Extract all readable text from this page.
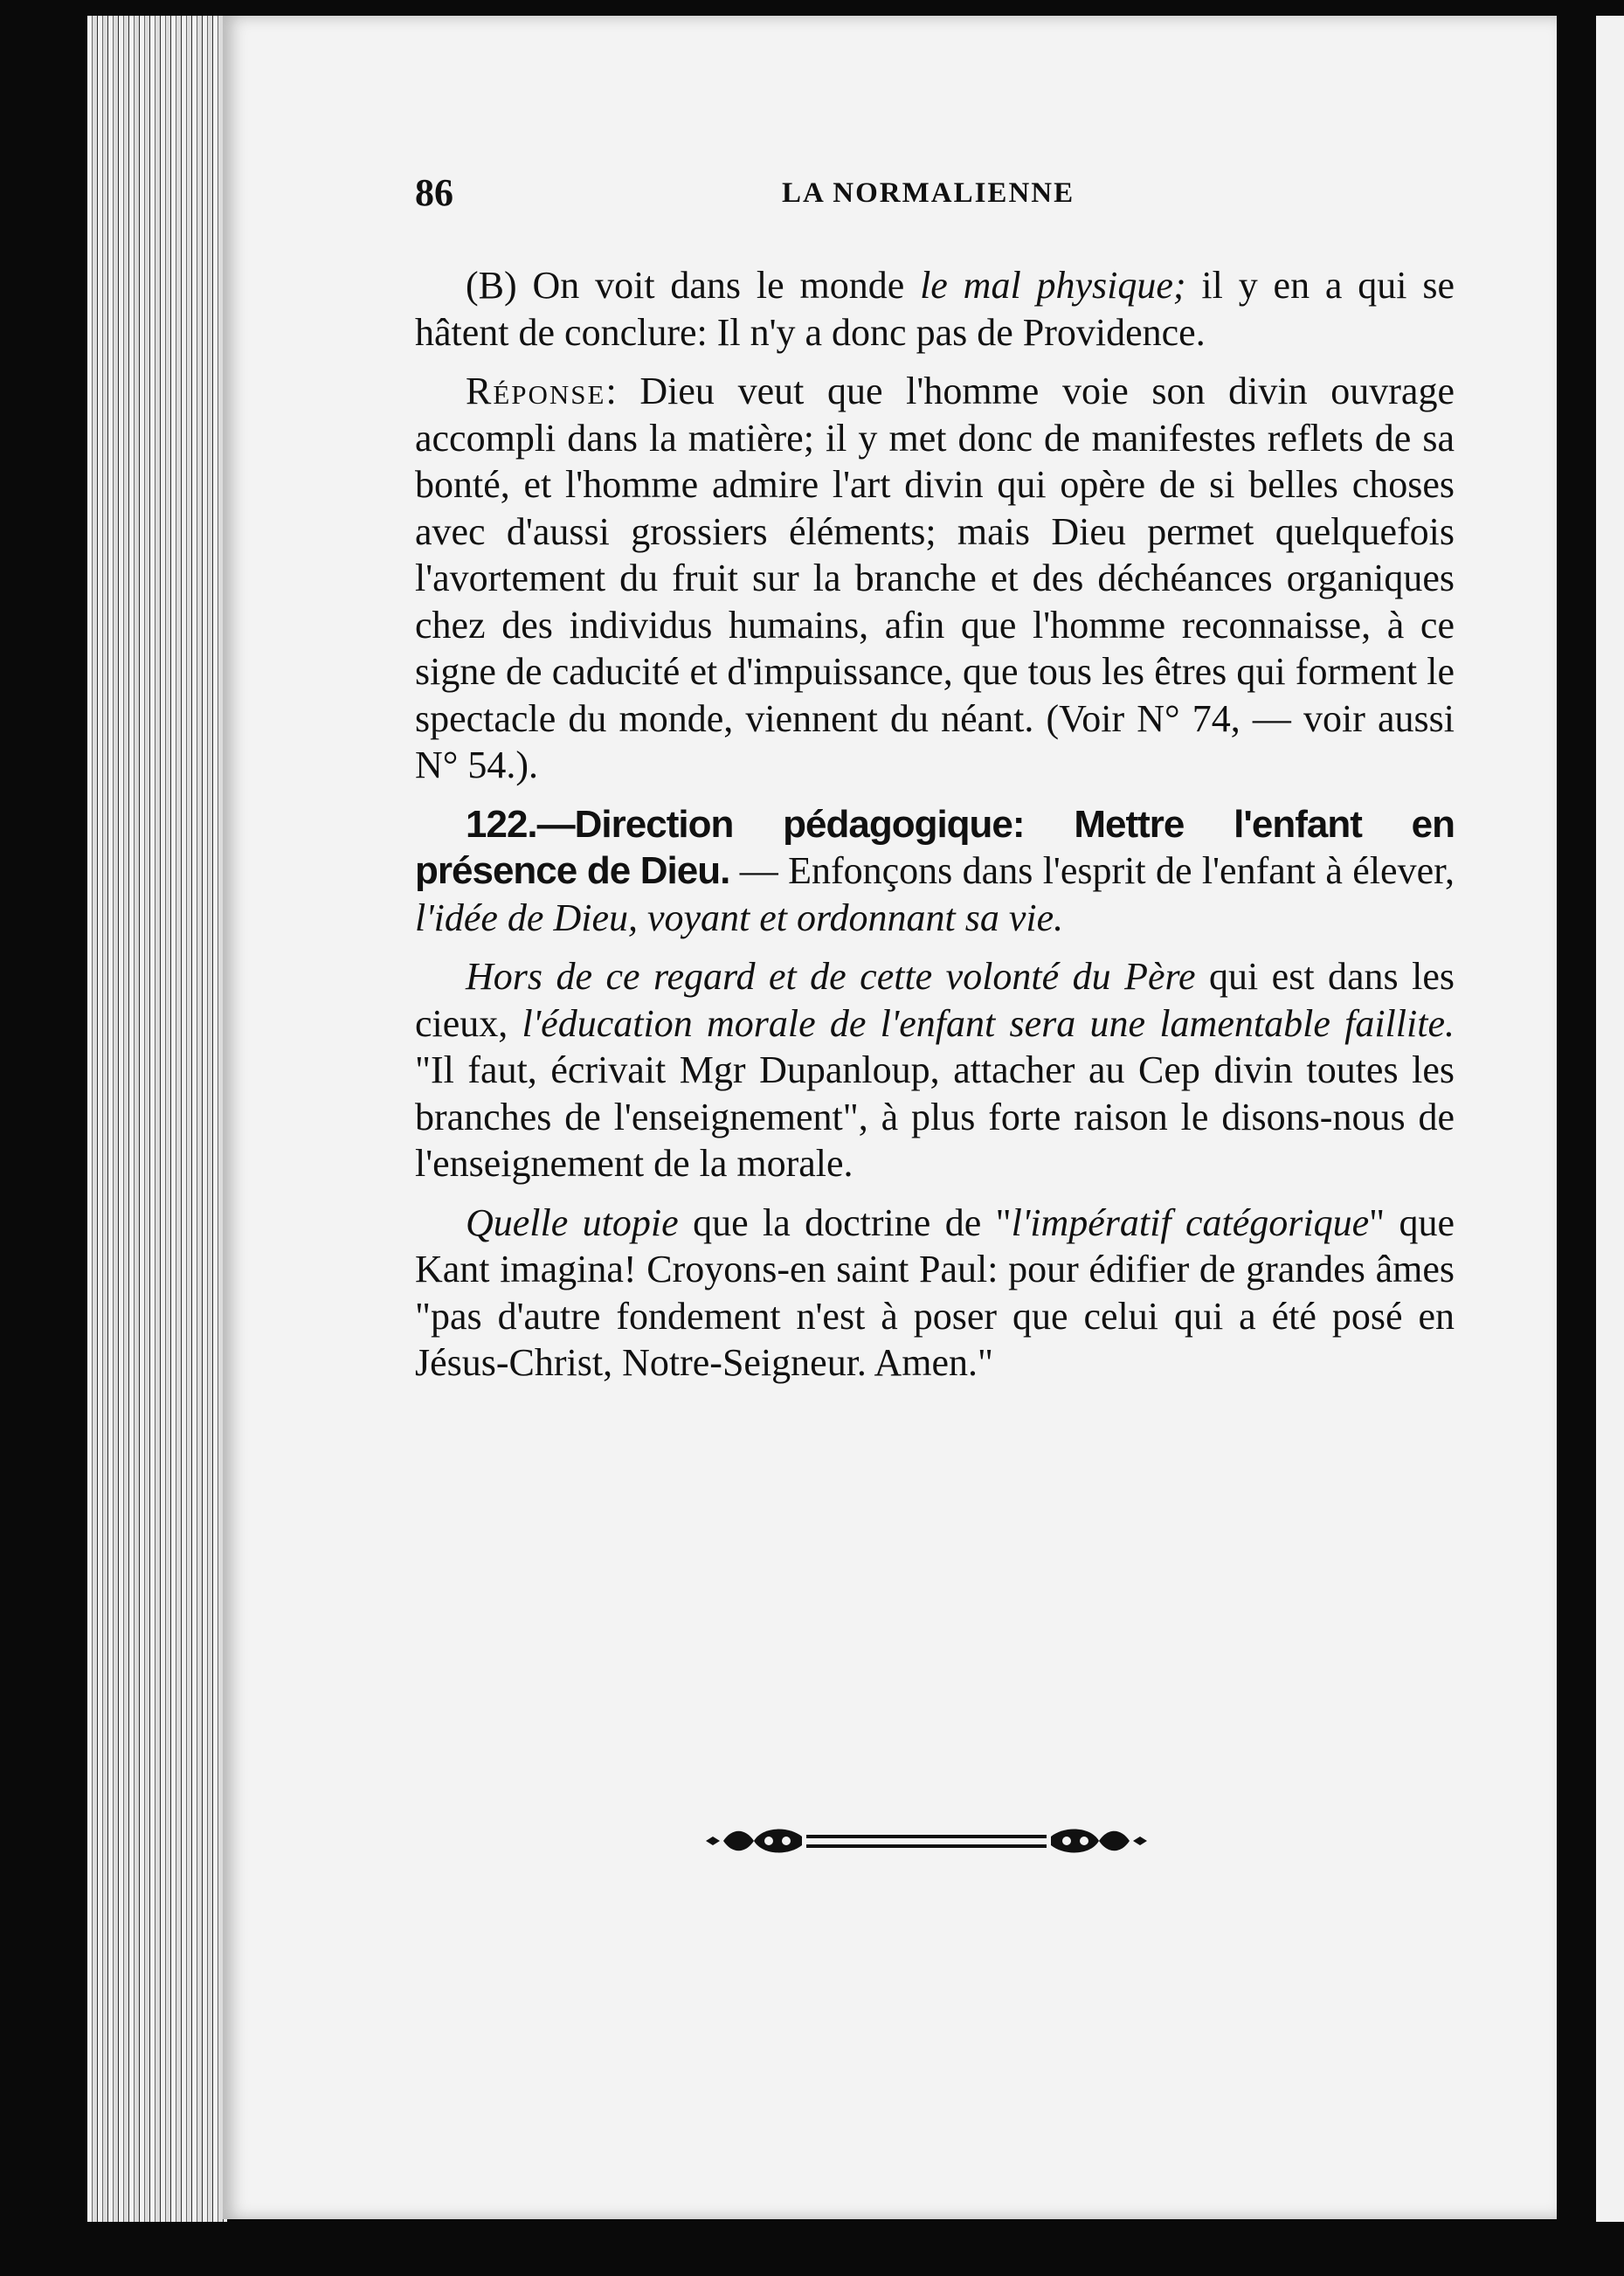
86	LA NORMALIENNE

(B) On voit dans le monde le mal physique; il y en a qui se hâtent de conclure: Il n'y a donc pas de Providence.

Réponse: Dieu veut que l'homme voie son divin ouvrage accompli dans la matière; il y met donc de manifestes reflets de sa bonté, et l'homme admire l'art divin qui opère de si belles choses avec d'aussi grossiers éléments; mais Dieu permet quelquefois l'avortement du fruit sur la branche et des déchéances organiques chez des individus humains, afin que l'homme reconnaisse, à ce signe de caducité et d'impuissance, que tous les êtres qui forment le spectacle du monde, viennent du néant. (Voir N° 74, — voir aussi N° 54.).

122.—Direction pédagogique: Mettre l'enfant en présence de Dieu. — Enfonçons dans l'esprit de l'enfant à élever, l'idée de Dieu, voyant et ordonnant sa vie.

Hors de ce regard et de cette volonté du Père qui est dans les cieux, l'éducation morale de l'enfant sera une lamentable faillite. "Il faut, écrivait Mgr Dupanloup, attacher au Cep divin toutes les branches de l'enseignement", à plus forte raison le disons-nous de l'enseignement de la morale.

Quelle utopie que la doctrine de "l'impératif catégorique" que Kant imagina! Croyons-en saint Paul: pour édifier de grandes âmes "pas d'autre fondement n'est à poser que celui qui a été posé en Jésus-Christ, Notre-Seigneur. Amen."
